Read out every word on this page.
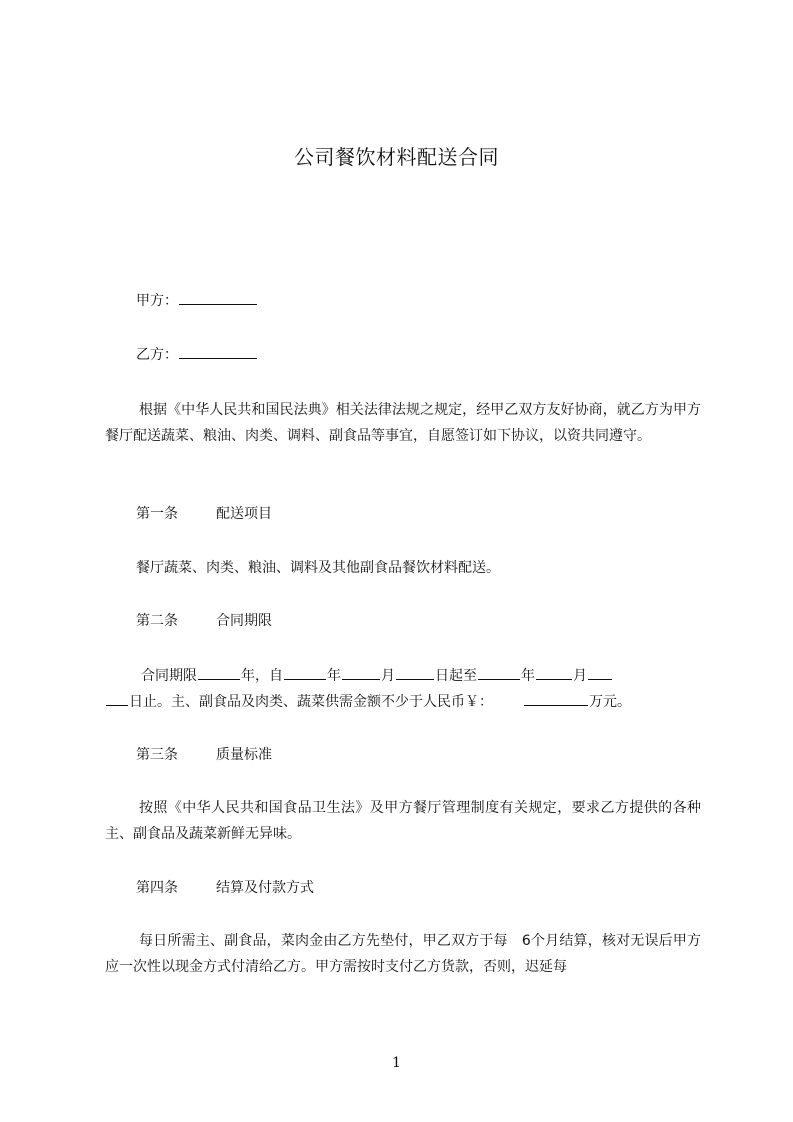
公司餐饮材料配送合同
甲方：
乙方：
根据《中华人民共和国民法典》相关法律法规之规定，经甲乙双方友好协商，就乙方为甲方餐厅配送蔬菜、粮油、肉类、调料、副食品等事宜，自愿签订如下协议，以资共同遵守。
第一条	配送项目
餐厅蔬菜、肉类、粮油、调料及其他副食品餐饮材料配送。
第二条	合同期限
合同期限	年，自	年	月	日起至	年	月
日止。主、副食品及肉类、蔬菜供需金额不少于人民币￥：	万元。
第三条	质量标准
按照《中华人民共和国食品卫生法》及甲方餐厅管理制度有关规定，要求乙方提供的各种主、副食品及蔬菜新鲜无异味。
第四条	结算及付款方式
每日所需主、副食品，菜肉金由乙方先垫付，甲乙双方于每　6个月结算，核对无误后甲方应一次性以现金方式付清给乙方。甲方需按时支付乙方货款，否则，迟延每
1
